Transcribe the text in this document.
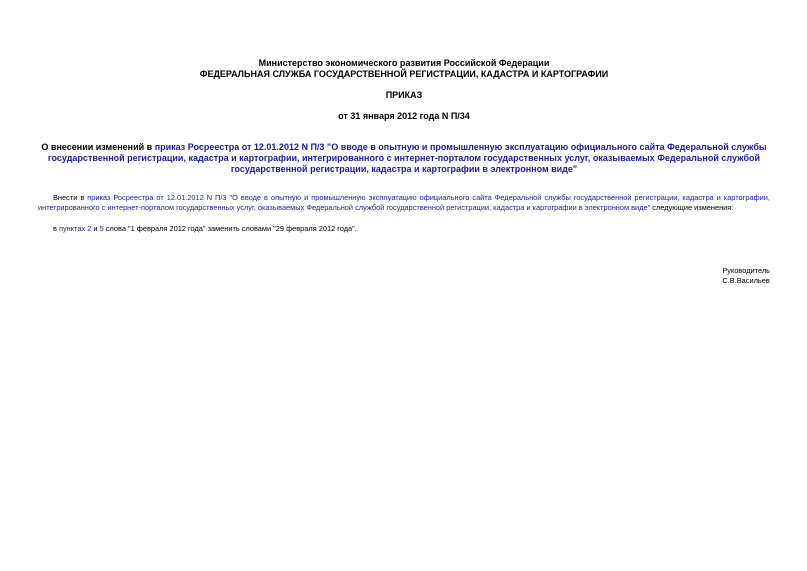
Министерство экономического развития Российской Федерации

ФЕДЕРАЛЬНАЯ СЛУЖБА ГОСУДАРСТВЕННОЙ РЕГИСТРАЦИИ, КАДАСТРА И КАРТОГРАФИИ

ПРИКАЗ

от 31 января 2012 года N П/34

О внесении изменений в приказ Росреестра от 12.01.2012 N П/3 "О вводе в опытную и промышленную эксплуатацию официального сайта Федеральной службы государственной регистрации, кадастра и картографии, интегрированного с интернет-порталом государственных услуг, оказываемых Федеральной службой государственной регистрации, кадастра и картографии в электронном виде"

Внести в приказ Росреестра от 12.01.2012 N П/3 "О вводе в опытную и промышленную эксплуатацию официального сайта Федеральной службы государственной регистрации, кадастра и картографии, интегрированного с интернет-порталом государственных услуг, оказываемых Федеральной службой государственной регистрации, кадастра и картографии в электронном виде" следующие изменения:

в пунктах 2 и 5 слова "1 февраля 2012 года" заменить словами "29 февраля 2012 года".

Руководитель
С.В.Васильев
